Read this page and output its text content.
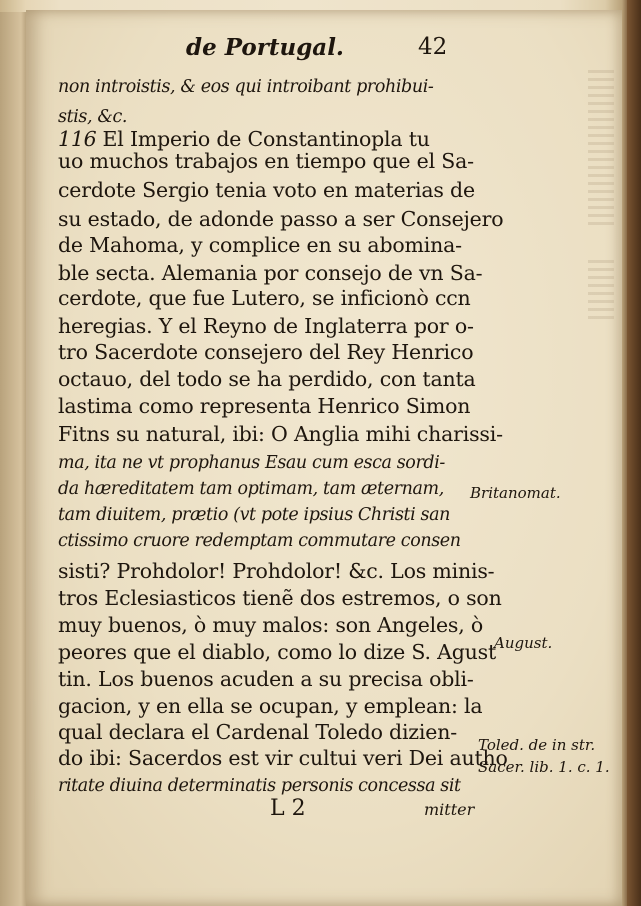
de Portugal.	42
non introistis, & eos qui introibant prohibui-
stis, &c.
116 El Imperio de Constantinopla tu
uo muchos trabajos en tiempo que el Sa-
cerdote Sergio tenia voto en materias de
su estado, de adonde passo a ser Consejero
de Mahoma, y complice en su abomina-
ble secta. Alemania por consejo de vn Sa-
cerdote, que fue Lutero, se inficionò ccn
heregias. Y el Reyno de Inglaterra por o-
tro Sacerdote consejero del Rey Henrico
octauo, del todo se ha perdido, con tanta
lastima como representa Henrico Simon
Fitns su natural, ibi: O Anglia mihi charissi-
ma, ita ne vt prophanus Esau cum esca sordi-
da hæreditatem tam optimam, tam æternam,
tam diuitem, prætio (vt pote ipsius Christi san
ctissimo cruore redemptam commutare consen
sisti? Prohdolor! Prohdolor! &c. Los minis-
tros Eclesiasticos tienẽ dos estremos, o son
muy buenos, ò muy malos: son Angeles, ò
peores que el diablo, como lo dize S. Agust
tin. Los buenos acuden a su precisa obli-
gacion, y en ella se ocupan, y emplean: la
qual declara el Cardenal Toledo dizien-
do ibi: Sacerdos est vir cultui veri Dei autho
ritate diuina determinatis personis concessa sit
Britanomat.
August.
Toled. de in str.
Sacer. lib. 1. c. 1.
L 2	mitter
